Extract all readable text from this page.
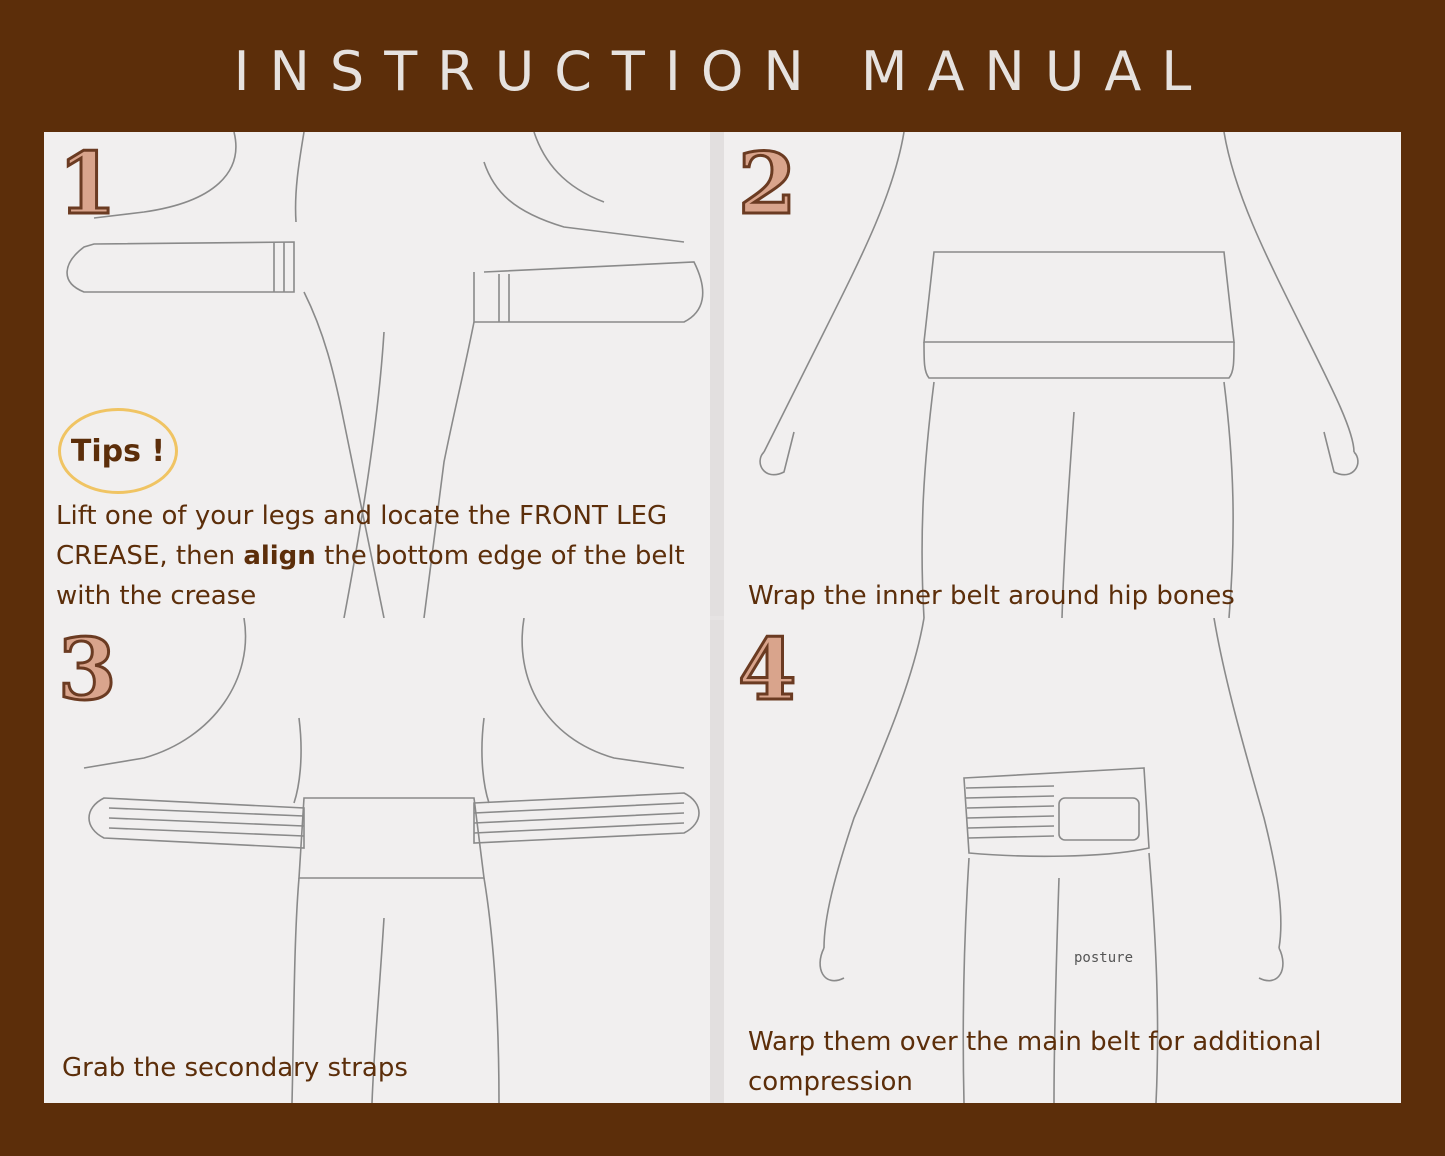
INSTRUCTION MANUAL
1
Tips !
Lift one of your legs and locate the FRONT LEG CREASE, then align the bottom edge of the belt with the crease
2
Wrap the inner belt around hip bones
3
Grab the secondary straps
posture
4
Warp them over the main belt for additional compression
